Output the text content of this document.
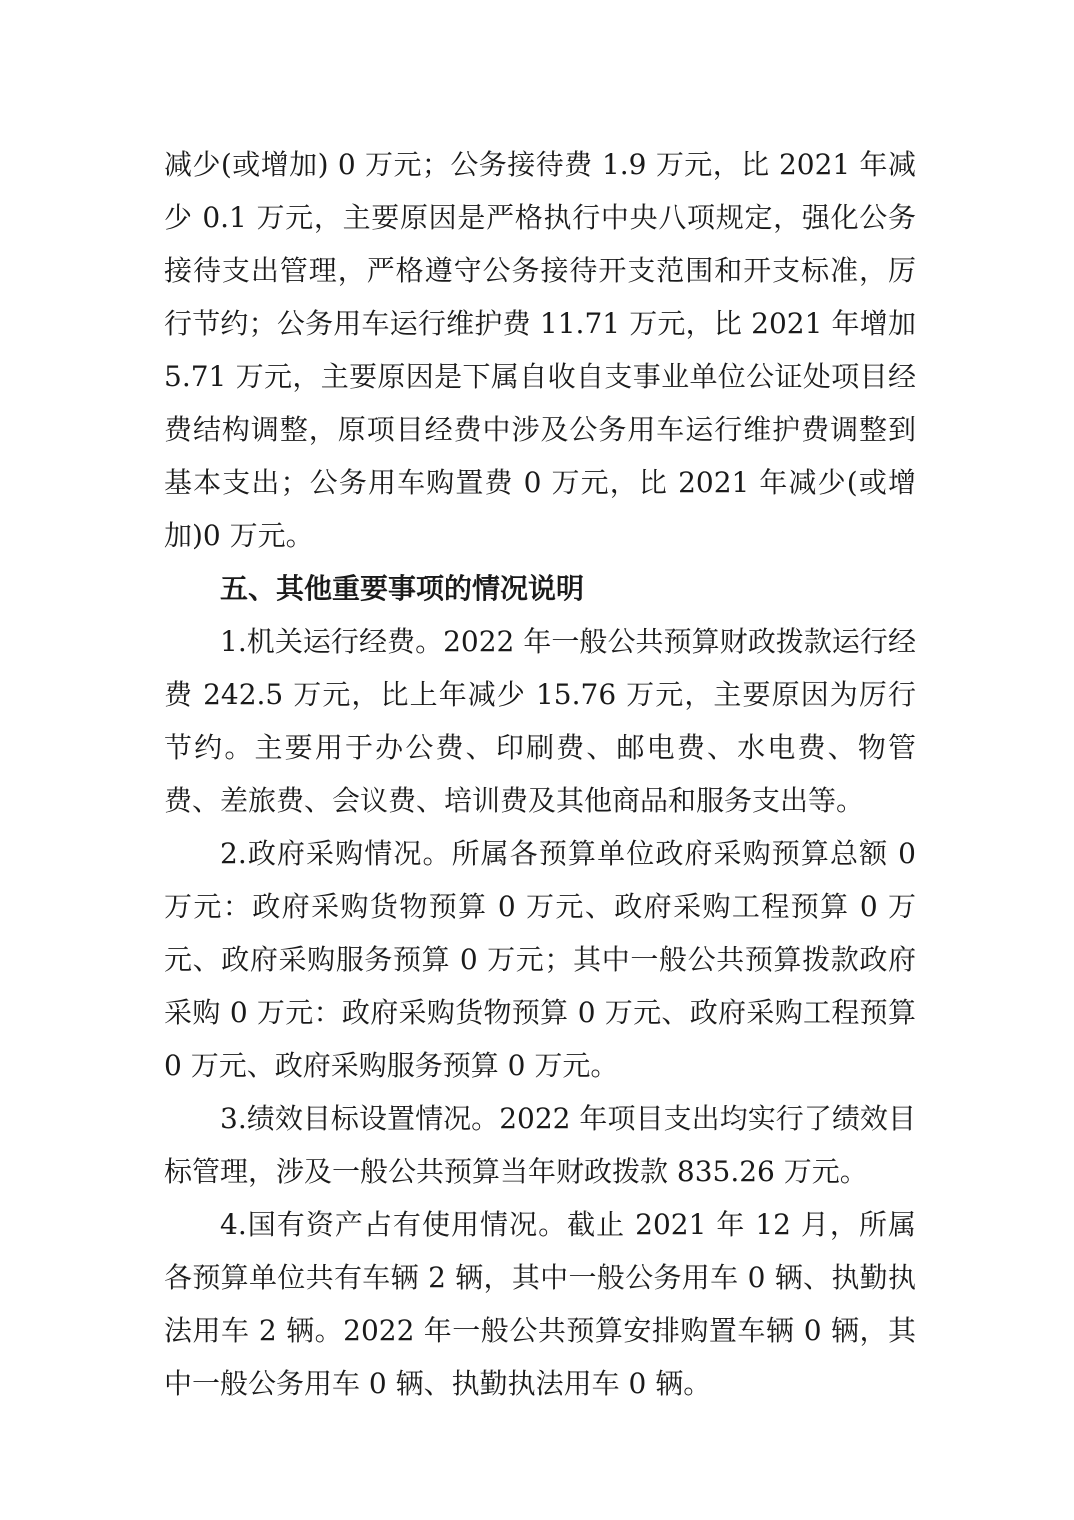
减少(或增加) 0 万元；公务接待费 1.9 万元，比 2021 年减少 0.1 万元，主要原因是严格执行中央八项规定，强化公务接待支出管理，严格遵守公务接待开支范围和开支标准，厉行节约；公务用车运行维护费 11.71 万元，比 2021 年增加 5.71 万元，主要原因是下属自收自支事业单位公证处项目经费结构调整，原项目经费中涉及公务用车运行维护费调整到基本支出；公务用车购置费 0 万元，比 2021 年减少(或增加)0 万元。

五、其他重要事项的情况说明

1.机关运行经费。2022 年一般公共预算财政拨款运行经费 242.5 万元，比上年减少 15.76 万元，主要原因为厉行节约。主要用于办公费、印刷费、邮电费、水电费、物管费、差旅费、会议费、培训费及其他商品和服务支出等。

2.政府采购情况。所属各预算单位政府采购预算总额 0 万元：政府采购货物预算 0 万元、政府采购工程预算 0 万元、政府采购服务预算 0 万元；其中一般公共预算拨款政府采购 0 万元：政府采购货物预算 0 万元、政府采购工程预算 0 万元、政府采购服务预算 0 万元。

3.绩效目标设置情况。2022 年项目支出均实行了绩效目标管理，涉及一般公共预算当年财政拨款 835.26 万元。

4.国有资产占有使用情况。截止 2021 年 12 月，所属各预算单位共有车辆 2 辆，其中一般公务用车 0 辆、执勤执法用车 2 辆。2022 年一般公共预算安排购置车辆 0 辆，其中一般公务用车 0 辆、执勤执法用车 0 辆。
